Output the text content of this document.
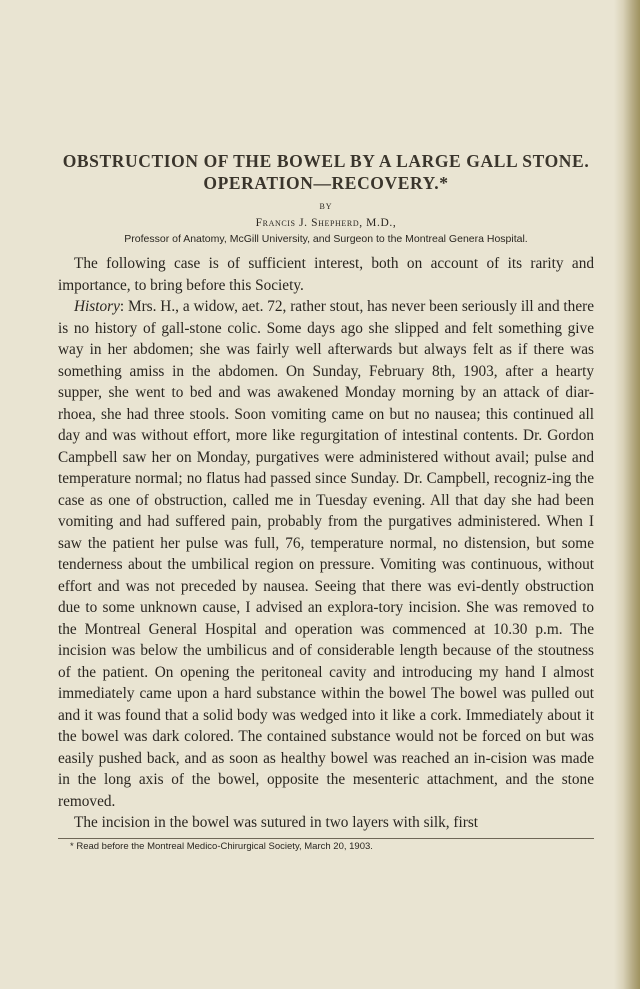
OBSTRUCTION OF THE BOWEL BY A LARGE GALL STONE.
OPERATION—RECOVERY.*
BY
Francis J. Shepherd, M.D.,
Professor of Anatomy, McGill University, and Surgeon to the Montreal Genera Hospital.

The following case is of sufficient interest, both on account of its rarity and importance, to bring before this Society.

History: Mrs. H., a widow, aet. 72, rather stout, has never been seriously ill and there is no history of gall-stone colic. Some days ago she slipped and felt something give way in her abdomen; she was fairly well afterwards but always felt as if there was something amiss in the abdomen. On Sunday, February 8th, 1903, after a hearty supper, she went to bed and was awakened Monday morning by an attack of diar-rhoea, she had three stools. Soon vomiting came on but no nausea; this continued all day and was without effort, more like regurgitation of intestinal contents. Dr. Gordon Campbell saw her on Monday, purgatives were administered without avail; pulse and temperature normal; no flatus had passed since Sunday. Dr. Campbell, recogniz-ing the case as one of obstruction, called me in Tuesday evening. All that day she had been vomiting and had suffered pain, probably from the purgatives administered. When I saw the patient her pulse was full, 76, temperature normal, no distension, but some tenderness about the umbilical region on pressure. Vomiting was continuous, without effort and was not preceded by nausea. Seeing that there was evi-dently obstruction due to some unknown cause, I advised an explora-tory incision. She was removed to the Montreal General Hospital and operation was commenced at 10.30 p.m. The incision was below the umbilicus and of considerable length because of the stoutness of the patient. On opening the peritoneal cavity and introducing my hand I almost immediately came upon a hard substance within the bowel The bowel was pulled out and it was found that a solid body was wedged into it like a cork. Immediately about it the bowel was dark colored. The contained substance would not be forced on but was easily pushed back, and as soon as healthy bowel was reached an in-cision was made in the long axis of the bowel, opposite the mesenteric attachment, and the stone removed.

The incision in the bowel was sutured in two layers with silk, first

* Read before the Montreal Medico-Chirurgical Society, March 20, 1903.
